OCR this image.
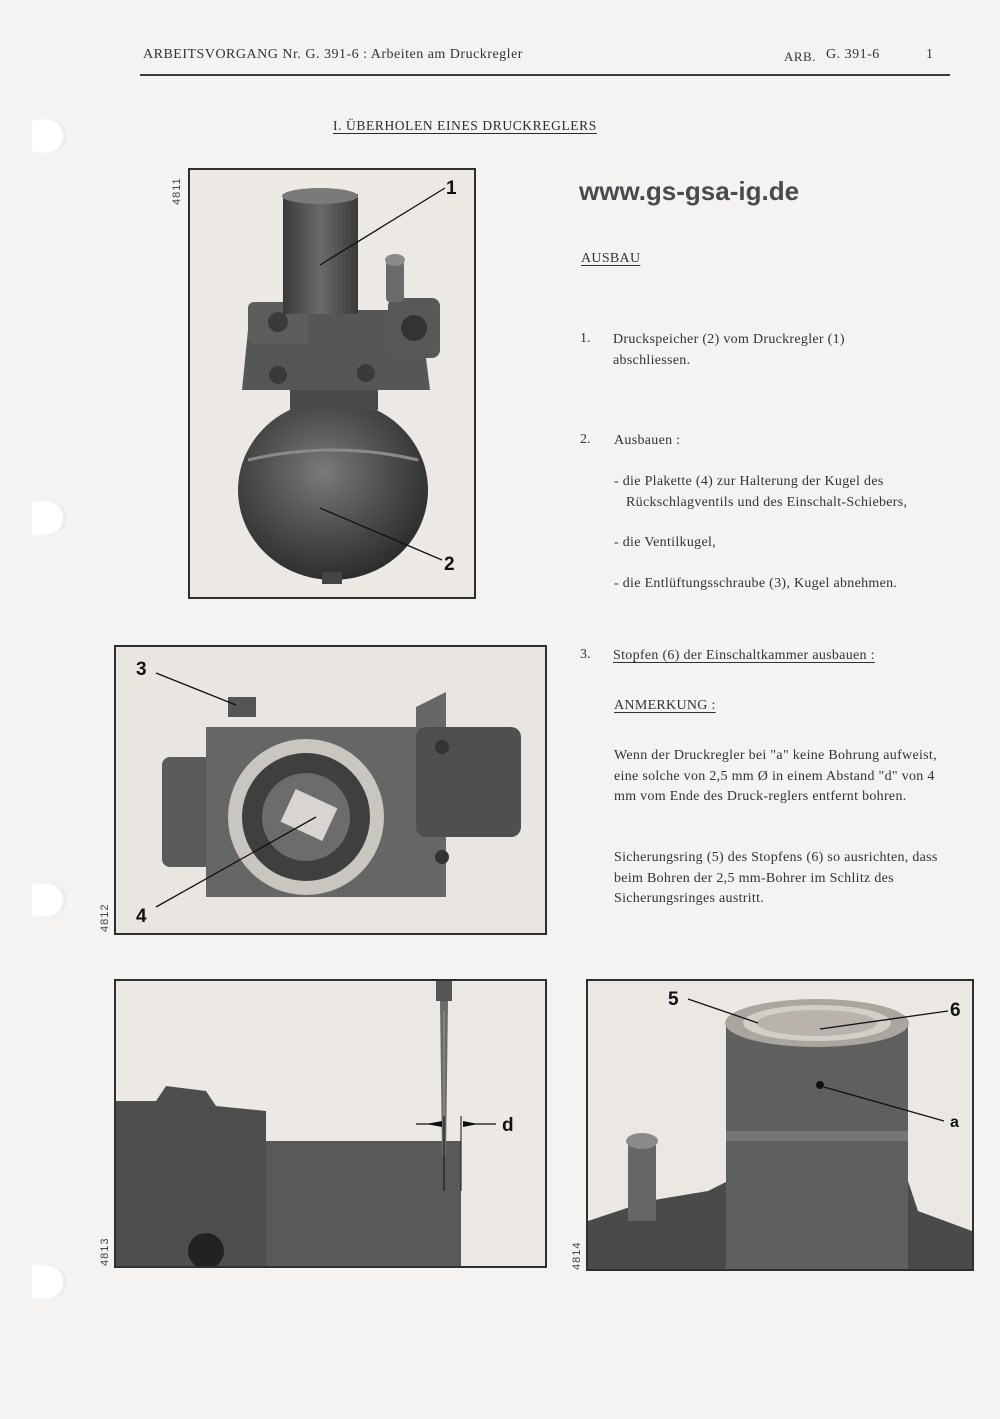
ARBEITSVORGANG Nr. G. 391-6 : Arbeiten am Druckregler	ARB. G. 391-6	1
I. ÜBERHOLEN EINES DRUCKREGLERS
www.gs-gsa-ig.de
AUSBAU
1. Druckspeicher (2) vom Druckregler (1) abschliessen.
2. Ausbauen :
- die Plakette (4) zur Halterung der Kugel des Rückschlagventils und des Einschalt-Schiebers,
- die Ventilkugel,
- die Entlüftungsschraube (3), Kugel abnehmen.
3. Stopfen (6) der Einschaltkammer ausbauen :
ANMERKUNG :
Wenn der Druckregler bei "a" keine Bohrung aufweist, eine solche von 2,5 mm Ø in einem Abstand "d" von 4 mm vom Ende des Druck-reglers entfernt bohren.
Sicherungsring (5) des Stopfens (6) so ausrichten, dass beim Bohren der 2,5 mm-Bohrer im Schlitz des Sicherungsringes austritt.
4811	1
2
4812
3
4
4813
d
4814
5
6
a
